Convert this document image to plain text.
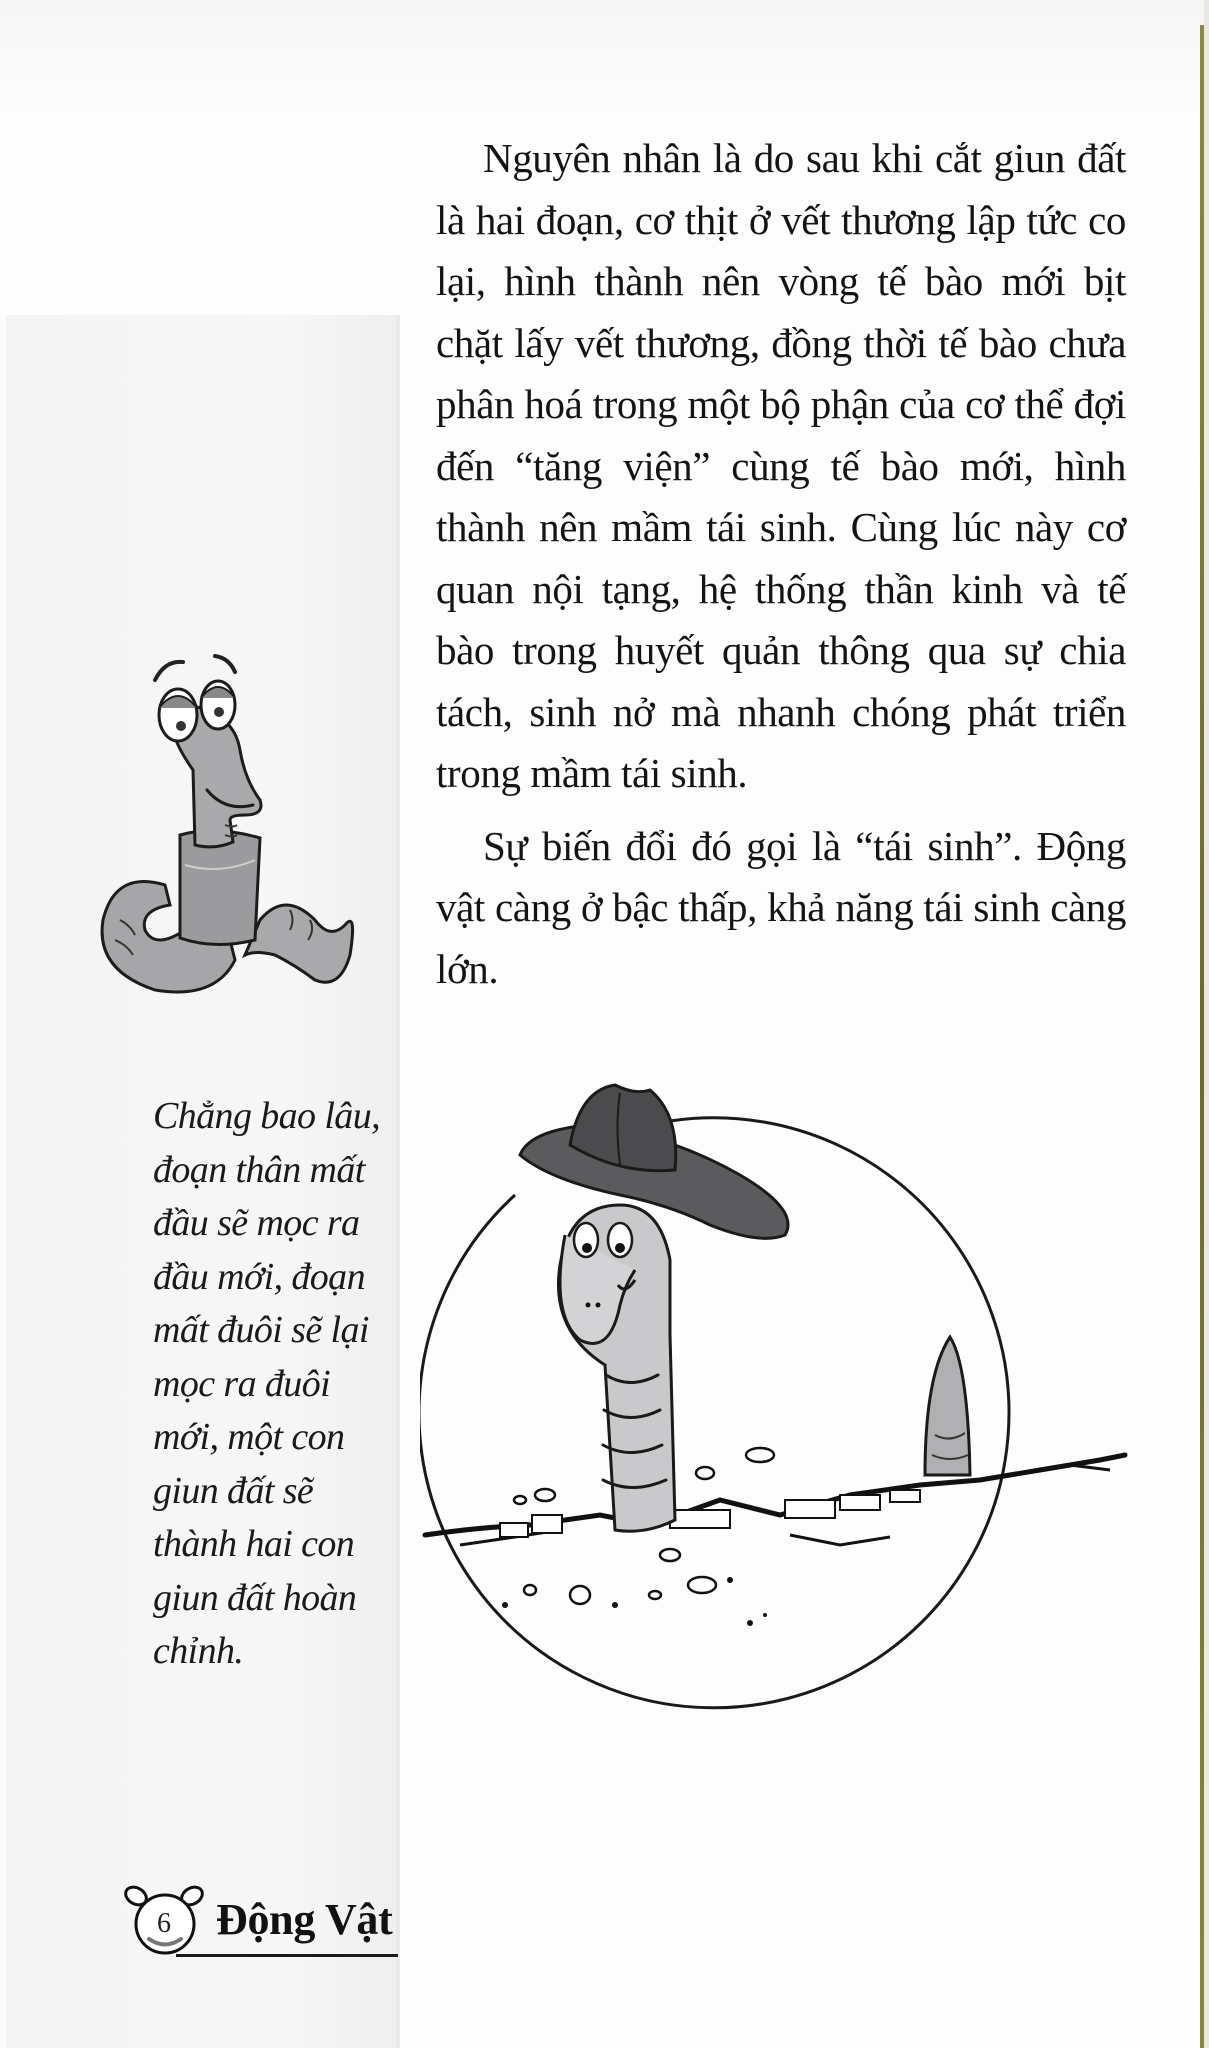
Nguyên nhân là do sau khi cắt giun đất là hai đoạn, cơ thịt ở vết thương lập tức co lại, hình thành nên vòng tế bào mới bịt chặt lấy vết thương, đồng thời tế bào chưa phân hoá trong một bộ phận của cơ thể đợi đến “tăng viện” cùng tế bào mới, hình thành nên mầm tái sinh. Cùng lúc này cơ quan nội tạng, hệ thống thần kinh và tế bào trong huyết quản thông qua sự chia tách, sinh nở mà nhanh chóng phát triển trong mầm tái sinh.

Sự biến đổi đó gọi là “tái sinh”. Động vật càng ở bậc thấp, khả năng tái sinh càng lớn.

Chẳng bao lâu,
đoạn thân mất
đầu sẽ mọc ra
đầu mới, đoạn
mất đuôi sẽ lại
mọc ra đuôi
mới, một con
giun đất sẽ
thành hai con
giun đất hoàn
chỉnh.
6 Động Vật
